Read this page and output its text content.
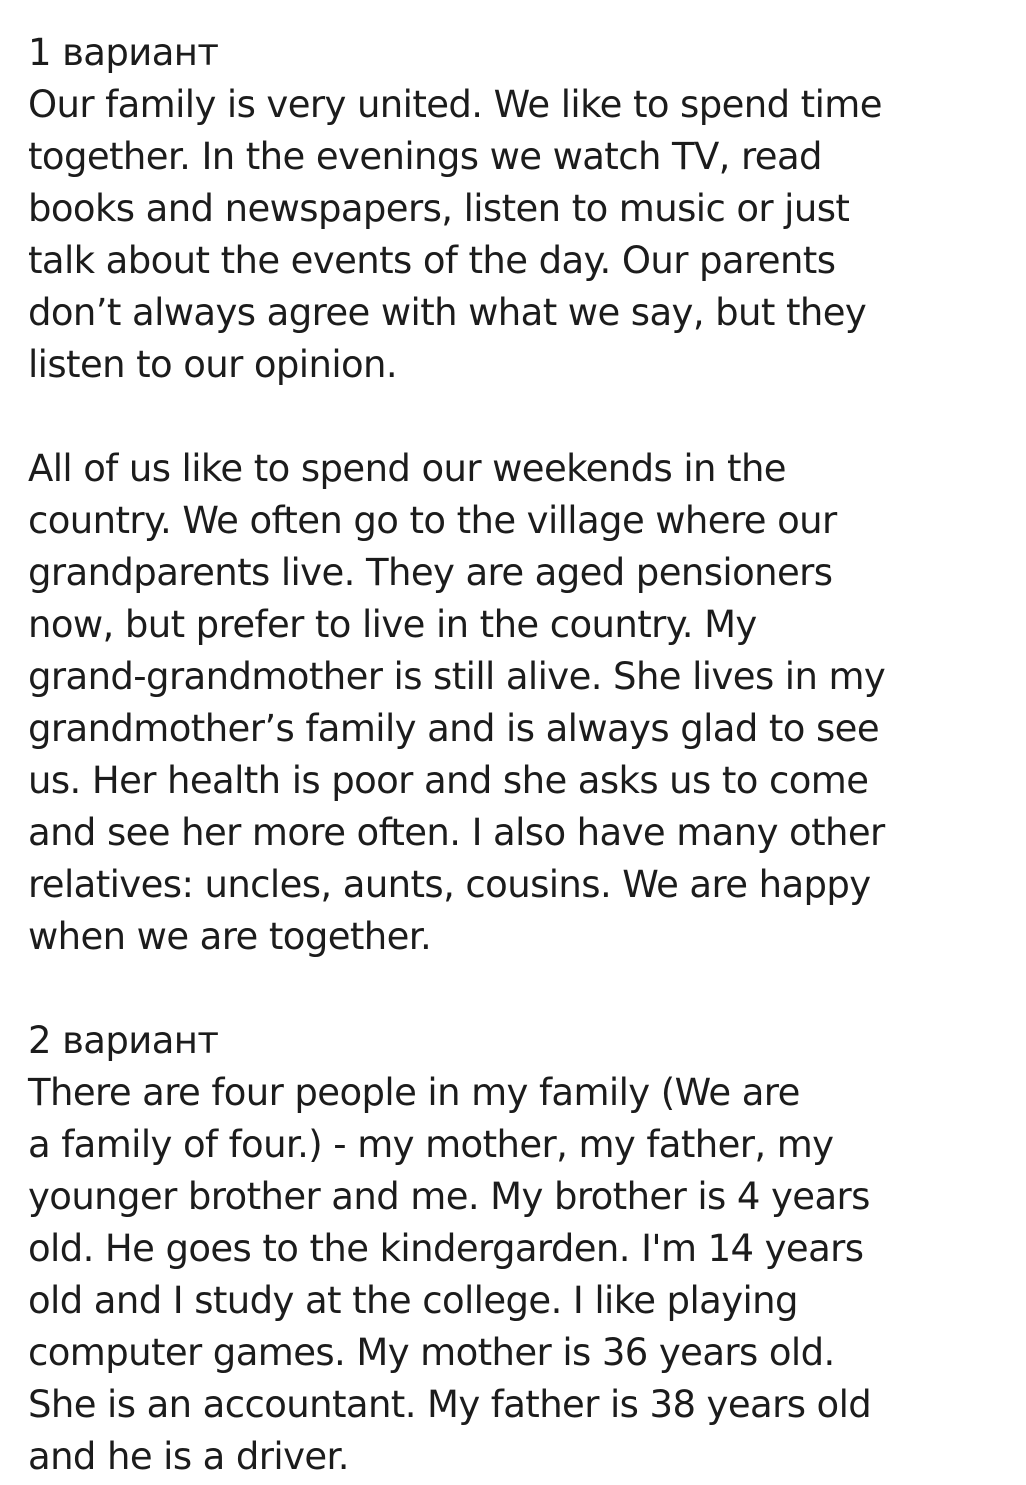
1 вариант
Our family is very united. We like to spend time
together. In the evenings we watch TV, read
books and newspapers, listen to music or just
talk about the events of the day. Our parents
don’t always agree with what we say, but they
listen to our opinion.
All of us like to spend our weekends in the
country. We often go to the village where our
grandparents live. They are aged pensioners
now, but prefer to live in the country. My
grand-grandmother is still alive. She lives in my
grandmother’s family and is always glad to see
us. Her health is poor and she asks us to come
and see her more often. I also have many other
relatives: uncles, aunts, cousins. We are happy
when we are together.
2 вариант
There are four people in my family (We are
a family of four.) - my mother, my father, my
younger brother and me. My brother is 4 years
old. He goes to the kindergarden. I'm 14 years
old and I study at the college. I like playing
computer games. My mother is 36 years old.
She is an accountant. My father is 38 years old
and he is a driver.
